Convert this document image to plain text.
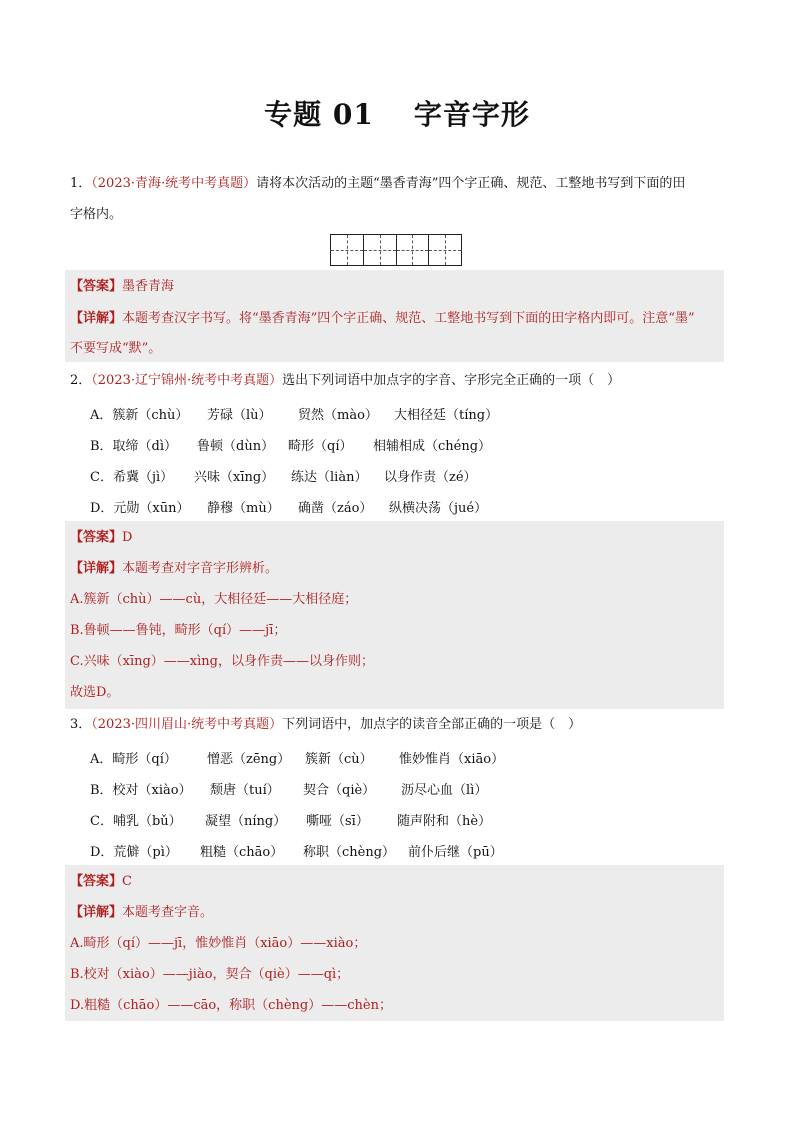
专题 01 字音字形
1．（2023·青海·统考中考真题）请将本次活动的主题“墨香青海”四个字正确、规范、工整地书写到下面的田
字格内。
【答案】墨香青海
【详解】本题考查汉字书写。将“墨香青海”四个字正确、规范、工整地书写到下面的田字格内即可。注意“墨”
不要写成“默”。
2．（2023·辽宁锦州·统考中考真题）选出下列词语中加点字的字音、字形完全正确的一项（　）
A．簇新（chù） 芳碌（lù） 贸然（mào） 大相径廷（tíng）
B．取缔（dì） 鲁顿（dùn） 畸形（qí） 相辅相成（chéng）
C．希冀（jì） 兴味（xīng） 练达（liàn） 以身作责（zé）
D．元勋（xūn） 静穆（mù） 确凿（záo） 纵横决荡（jué）
【答案】D
【详解】本题考查对字音字形辨析。
A.簇新（chù）——cù，大相径廷——大相径庭；
B.鲁顿——鲁钝，畸形（qí）——jī；
C.兴味（xīng）——xìng，以身作责——以身作则；
故选D。
3．（2023·四川眉山·统考中考真题）下列词语中，加点字的读音全部正确的一项是（　）
A．畸形（qí） 憎恶（zēng） 簇新（cù） 惟妙惟肖（xiāo）
B．校对（xiào） 颓唐（tuí） 契合（qiè） 沥尽心血（lì）
C．哺乳（bǔ） 凝望（níng） 嘶哑（sī） 随声附和（hè）
D．荒僻（pì） 粗糙（chāo） 称职（chèng） 前仆后继（pū）
【答案】C
【详解】本题考查字音。
A.畸形（qí）——jī，惟妙惟肖（xiāo）——xiào；
B.校对（xiào）——jiào，契合（qiè）——qì；
D.粗糙（chāo）——cāo，称职（chèng）——chèn；
